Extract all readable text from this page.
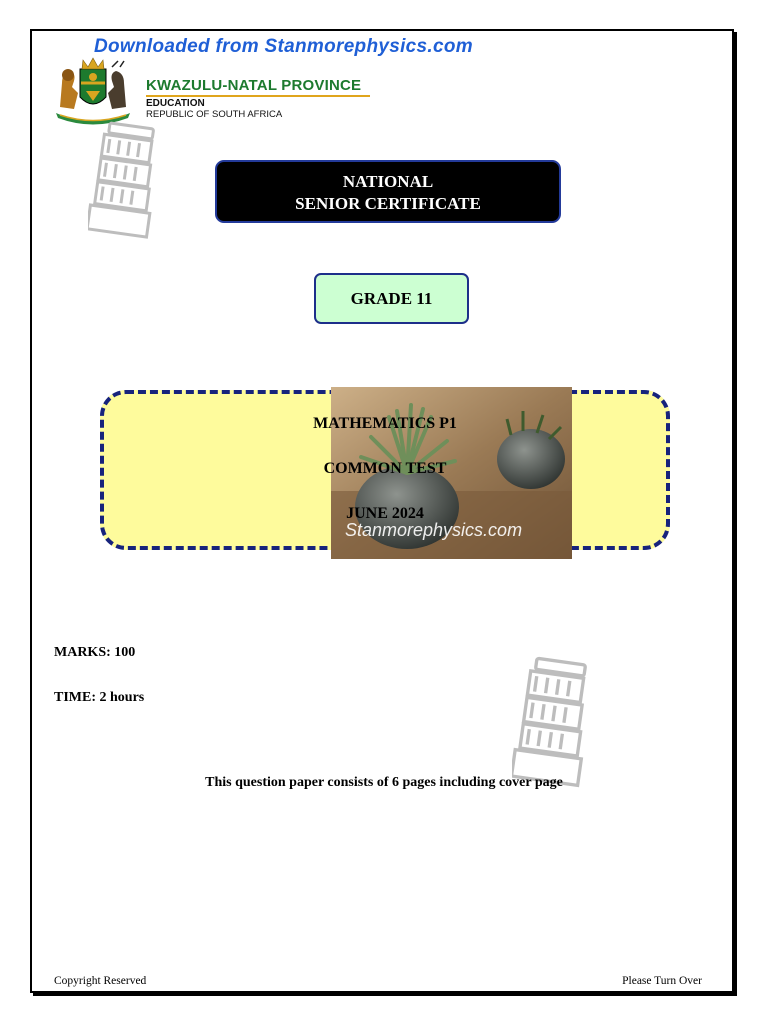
Downloaded from Stanmorephysics.com
KWAZULU-NATAL PROVINCE
EDUCATION
REPUBLIC OF SOUTH AFRICA
NATIONAL
SENIOR CERTIFICATE
GRADE 11
MATHEMATICS P1
COMMON TEST
JUNE 2024
Stanmorephysics.com
MARKS: 100
TIME: 2 hours
This question paper consists of 6 pages including cover page
Copyright Reserved	Please Turn Over
